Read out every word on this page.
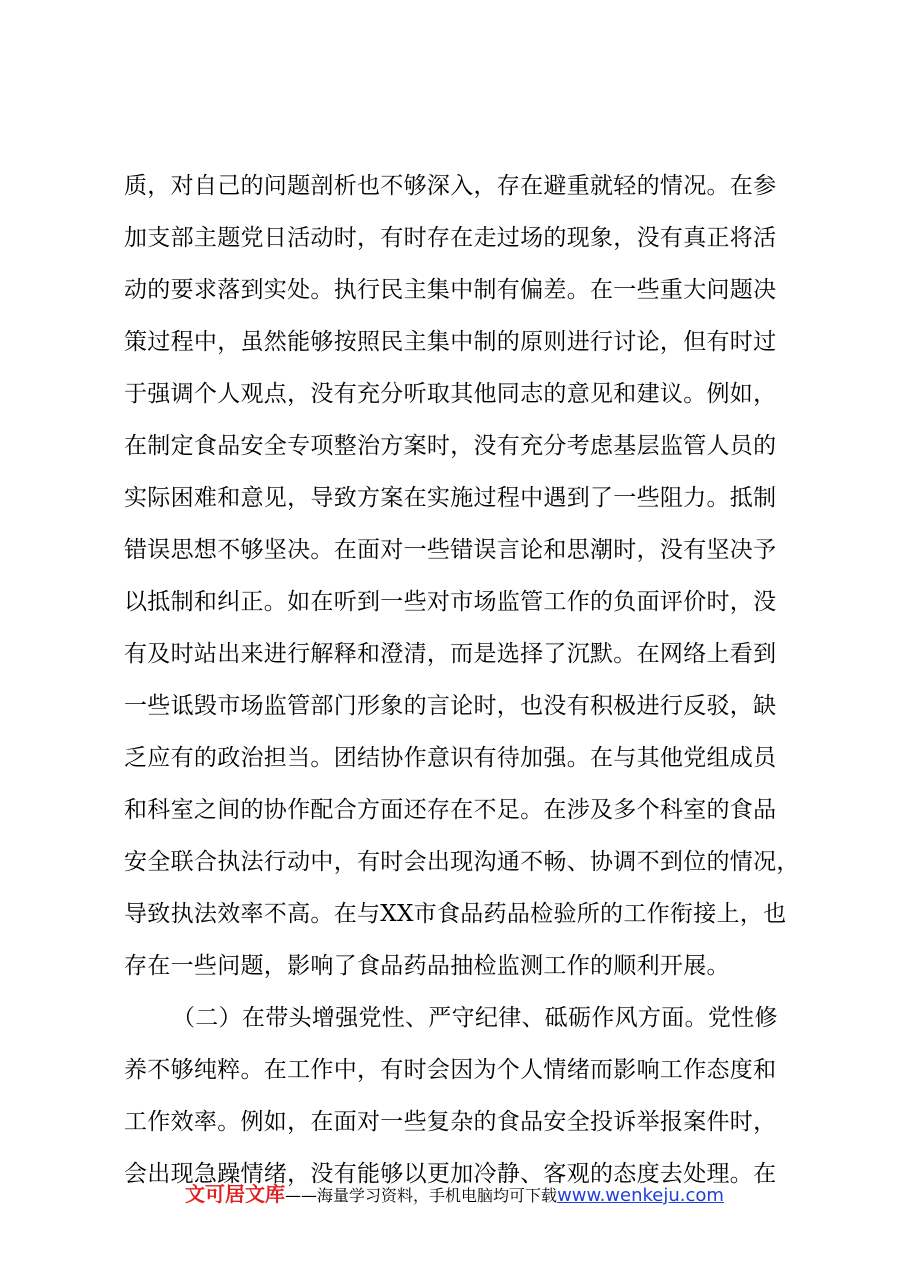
质，对自己的问题剖析也不够深入，存在避重就轻的情况。在参
加支部主题党日活动时，有时存在走过场的现象，没有真正将活
动的要求落到实处。执行民主集中制有偏差。在一些重大问题决
策过程中，虽然能够按照民主集中制的原则进行讨论，但有时过
于强调个人观点，没有充分听取其他同志的意见和建议。例如，
在制定食品安全专项整治方案时，没有充分考虑基层监管人员的
实际困难和意见，导致方案在实施过程中遇到了一些阻力。抵制
错误思想不够坚决。在面对一些错误言论和思潮时，没有坚决予
以抵制和纠正。如在听到一些对市场监管工作的负面评价时，没
有及时站出来进行解释和澄清，而是选择了沉默。在网络上看到
一些诋毁市场监管部门形象的言论时，也没有积极进行反驳，缺
乏应有的政治担当。团结协作意识有待加强。在与其他党组成员
和科室之间的协作配合方面还存在不足。在涉及多个科室的食品
安全联合执法行动中，有时会出现沟通不畅、协调不到位的情况，
导致执法效率不高。在与XX市食品药品检验所的工作衔接上，也
存在一些问题，影响了食品药品抽检监测工作的顺利开展。
（二）在带头增强党性、严守纪律、砥砺作风方面。党性修
养不够纯粹。在工作中，有时会因为个人情绪而影响工作态度和
工作效率。例如，在面对一些复杂的食品安全投诉举报案件时，
会出现急躁情绪，没有能够以更加冷静、客观的态度去处理。在
文可居文库——海量学习资料，手机电脑均可下载www.wenkeju.com
